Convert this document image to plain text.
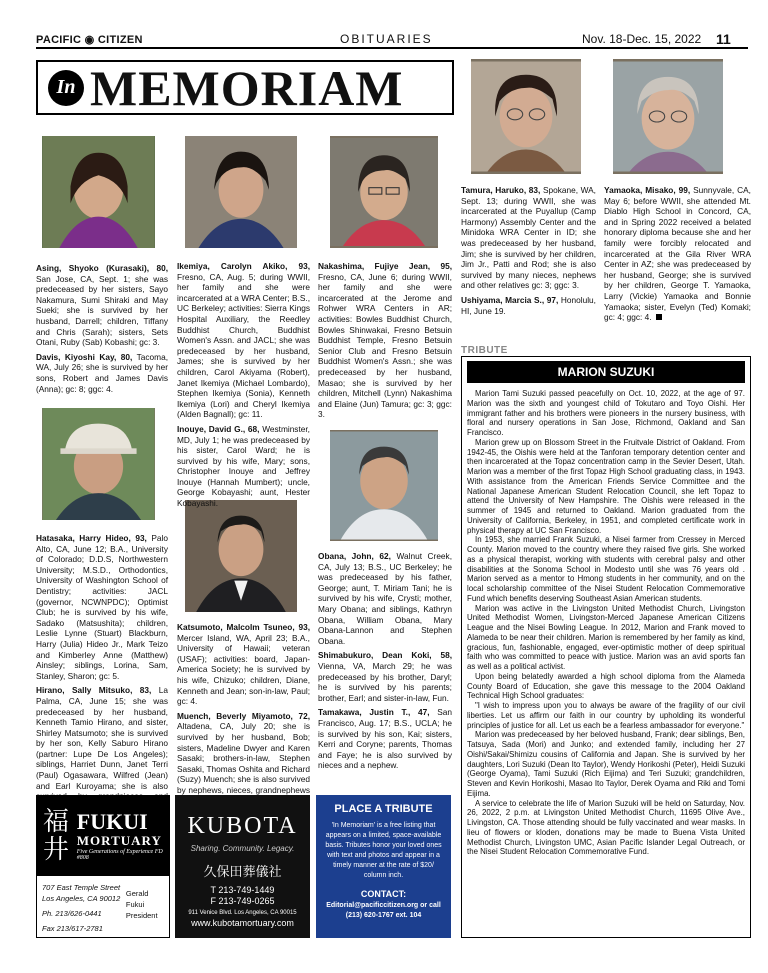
PACIFIC ◉ CITIZEN	OBITUARIES	Nov. 18-Dec. 15, 2022 11
In MEMORIAM

Asing, Shyoko (Kurasaki), 80, San Jose, CA, Sept. 1; she was predeceased by her sisters, Sayo Nakamura, Sumi Shiraki and May Sueki; she is survived by her husband, Darrell; children, Tiffany and Chris (Sarah); sisters, Sets Otani, Ruby (Sab) Kobashi; gc: 3.

Davis, Kiyoshi Kay, 80, Tacoma, WA, July 26; she is survived by her sons, Robert and James Davis (Anna); gc: 8; ggc: 4.

Hatasaka, Harry Hideo, 93, Palo Alto, CA, June 12; B.A., University of Colorado; D.D.S, Northwestern University; M.S.D., Orthodontics, University of Washington School of Dentistry; activities: JACL (governor, NCWNPDC); Optimist Club; he is survived by his wife, Sadako (Matsushita); children, Leslie Lynne (Stuart) Blackburn, Harry (Julia) Hideo Jr., Mark Teizo and Kimberley Anne (Matthew) Ainsley; siblings, Lorina, Sam, Stanley, Sharon; gc: 5.

Hirano, Sally Mitsuko, 83, La Palma, CA, June 15; she was predeceased by her husband, Kenneth Tamio Hirano, and sister, Shirley Matsumoto; she is survived by her son, Kelly Saburo Hirano (partner: Lupe De Los Angeles); siblings, Harriet Dunn, Janet Terri (Paul) Ogasawara, Wilfred (Jean) and Earl Kuroyama; she is also

Ikemiya, Carolyn Akiko, 93, Fresno, CA, Aug. 5; during WWII, her family and she were incarcerated at a WRA Center; B.S., UC Berkeley; activities: Sierra Kings Hospital Auxiliary, the Reedley Buddhist Church, Buddhist Women's Assn. and JACL; she was predeceased by her husband, James; she is survived by her children, Carol Akiyama (Robert), Janet Ikemiya (Michael Lombardo), Stephen Ikemiya (Sonia), Kenneth Ikemiya (Lori) and Cheryl Ikemiya (Alden Bagnall); gc: 11.

Inouye, David G., 68, Westminster, MD, July 1; he was predeceased by his sister, Carol Ward; he is survived by his wife, Mary; sons, Christopher Inouye and Jeffrey Inouye (Hannah Mumbert); uncle, George Kobayashi; aunt, Hester Kobayashi.

Katsumoto, Malcolm Tsuneo, 93, Mercer Island, WA, April 23; B.A., University of Hawaii; veteran (USAF); activities: board, Japan-America Society; he is survived by his wife, Chizuko; children, Diane, Kenneth and Jean; son-in-law, Paul; gc: 4.

Muench, Beverly Miyamoto, 72, Altadena, CA, July 20; she is survived by her husband, Bob; sisters, Madeline Dwyer and Karen Sasaki; brothers-in-law, Stephen Sasaki, Thomas Oshita and Richard (Suzy) Muench; she is also survived by nephews, nieces, grandnephews

Nakashima, Fujiye Jean, 95, Fresno, CA, June 6; during WWII, her family and she were incarcerated at the Jerome and Rohwer WRA Centers in AR; activities: Bowles Buddhist Church, Bowles Shinwakai, Fresno Betsuin Buddhist Temple, Fresno Betsuin Senior Club and Fresno Betsuin Buddhist Women's Assn.; she was predeceased by her husband, Masao; she is survived by her children, Mitchell (Lynn) Nakashima and Elaine (Jun) Tamura; gc: 3; ggc: 3.

Obana, John, 62, Walnut Creek, CA, July 13; B.S., UC Berkeley; he was predeceased by his father, George; aunt, T. Miriam Tani; he is survived by his wife, Crysti; mother, Mary Obana; and siblings, Kathryn Obana, William Obana, Mary Obana-Lannon and Stephen Obana.

Shimabukuro, Dean Koki, 58, Vienna, VA, March 29; he was predeceased by his brother, Daryl; he is survived by his parents; brother, Earl; and sister-in-law, Fun.

Tamakawa, Justin T., 47, San Francisco, Aug. 17; B.S., UCLA; he is survived by his son, Kai; sisters, Kerri and Coryne; parents, Thomas and Faye; he is also survived by nieces and a nephew.

Tamura, Haruko, 83, Spokane, WA, Sept. 13; during WWII, she was incarcerated at the Puyallup (Camp Harmony) Assembly Center and the Minidoka WRA Center in ID; she was predeceased by her husband, Jim; she is survived by her children, Jim Jr., Patti and Rod; she is also survived by many nieces, nephews and other relatives gc: 3; ggc: 3.

Ushiyama, Marcia S., 97, Honolulu, HI, June 19.

Yamaoka, Misako, 99, Sunnyvale, CA, May 6; before WWII, she attended Mt. Diablo High School in Concord, CA, and in Spring 2022 received a belated honorary diploma because she and her family were forcibly relocated and incarcerated at the Gila River WRA Center in AZ; she was predeceased by her husband, George; she is survived by her children, George T. Yamaoka, Larry (Vickie) Yamaoka and Bonnie Yamaoka; sister, Evelyn (Ted) Komaki; gc: 4; ggc: 4.

TRIBUTE
MARION SUZUKI

Marion Tami Suzuki passed peacefully on Oct. 10, 2022, at the age of 97. Marion was the sixth and youngest child of Tokutaro and Toyo Oishi. Her immigrant father and his brothers were pioneers in the nursery business, with floral and nursery operations in San Jose, Richmond, Oakland and San Francisco.

Marion grew up on Blossom Street in the Fruitvale District of Oakland. From 1942-45, the Oishis were held at the Tanforan temporary detention center and then incarcerated at the Topaz concentration camp in the Sevier Desert, Utah. Marion was a member of the first Topaz High School graduating class, in 1943. With assistance from the American Friends Service Committee and the National Japanese American Student Relocation Council, she left Topaz to attend the University of New Hampshire. The Oishis were released in the summer of 1945 and returned to Oakland. Marion graduated from the University of California, Berkeley, in 1951, and completed certificate work in physical therapy at UC San Francisco.

In 1953, she married Frank Suzuki, a Nisei farmer from Cressey in Merced County. Marion moved to the country where they raised five girls. She worked as a physical therapist, working with students with cerebral palsy and other disabilities at the Sonoma School in Modesto until she was 76 years old . Marion served as a mentor to Hmong students in her community, and on the local scholarship committee of the Nisei Student Relocation Commemorative Fund which benefits deserving Southeast Asian American students.

Marion was active in the Livingston United Methodist Church, Livingston United Methodist Women, Livingston-Merced Japanese American Citizens League and the Nisei Bowling League. In 2012, Marion and Frank moved to Alameda to be near their children. Marion is remembered by her family as kind, gracious, fun, fashionable, engaged, ever-optimistic mother of deep spiritual faith who was committed to peace with justice. Marion was an avid sports fan as well as a political activist.

Upon being belatedly awarded a high school diploma from the Alameda County Board of Education, she gave this message to the 2004 Oakland Technical High School graduates:

"I wish to impress upon you to always be aware of the fragility of our civil liberties. Let us affirm our faith in our country by upholding its wonderful principles of justice for all. Let us each be a fearless ambassador for everyone."

Marion was predeceased by her beloved husband, Frank; dear siblings, Ben, Tatsuya, Sada (Mori) and Junko; and extended family, including her 27 Oishi/Sakai/Shimizu cousins of California and Japan. She is survived by her daughters, Lori Suzuki (Dean Ito Taylor), Wendy Horikoshi (Peter), Heidi Suzuki (George Oyama), Tami Suzuki (Rich Eijima) and Teri Suzuki; grandchildren, Steven and Kevin Horikoshi, Masao Ito Taylor, Derek Oyama and Riki and Tomi Eijima.

A service to celebrate the life of Marion Suzuki will be held on Saturday, Nov. 26, 2022, 2 p.m. at Livingston United Methodist Church, 11695 Olive Ave., Livingston, CA. Those attending should be fully vaccinated and wear masks. In lieu of flowers or kloden, donations may be made to Buena Vista United Methodist Church, Livingston UMC, Asian Pacific Islander Legal Outreach, or the Nisei Student Relocation Commemorative Fund.

福井
FUKUI
MORTUARY
Five Generations of Experience FD #808
707 East Temple Street
Los Angeles, CA 90012
Ph. 213/626-0441
Fax 213/617-2781
Gerald Fukui President
KUBOTA
Sharing. Community. Legacy.
久保田葬儀社
T 213-749-1449
F 213-749-0265
911 Venice Blvd. Los Angeles, CA 90015
www.kubotamortuary.com
PLACE A TRIBUTE
'In Memoriam' is a free listing that appears on a limited, space-available basis. Tributes honor your loved ones with text and photos and appear in a timely manner at the rate of $20/ column inch.
CONTACT:
Editorial@pacificcitizen.org or call (213) 620-1767 ext. 104
